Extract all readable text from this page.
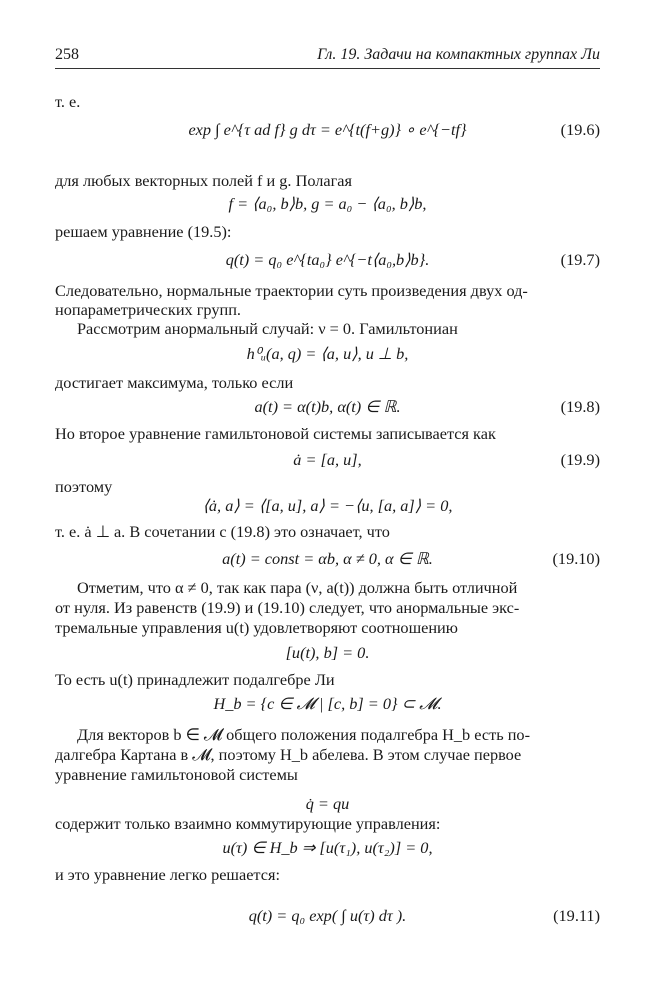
258	Гл. 19. Задачи на компактных группах Ли
т. е.
exp ∫ e^{τ ad f} g dτ = e^{t(f+g)} ∘ e^{−tf}	(19.6)
для любых векторных полей f и g. Полагая
f = ⟨a₀, b⟩b, g = a₀ − ⟨a₀, b⟩b,
решаем уравнение (19.5):
q(t) = q₀ e^{ta₀} e^{−t⟨a₀,b⟩b}.	(19.7)
Следовательно, нормальные траектории суть произведения двух од-
нопараметрических групп.
Рассмотрим анормальный случай: ν = 0. Гамильтониан
h⁰ᵤ(a, q) = ⟨a, u⟩, u ⊥ b,
достигает максимума, только если
a(t) = α(t)b, α(t) ∈ ℝ.	(19.8)
Но второе уравнение гамильтоновой системы записывается как
ȧ = [a, u],	(19.9)
поэтому
⟨ȧ, a⟩ = ⟨[a, u], a⟩ = −⟨u, [a, a]⟩ = 0,
т. е. ȧ ⊥ a. В сочетании с (19.8) это означает, что
a(t) = const = αb, α ≠ 0, α ∈ ℝ.	(19.10)
Отметим, что α ≠ 0, так как пара (ν, a(t)) должна быть отличной
от нуля. Из равенств (19.9) и (19.10) следует, что анормальные экс-
тремальные управления u(t) удовлетворяют соотношению
[u(t), b] = 0.
То есть u(t) принадлежит подалгебре Ли
H_b = {c ∈ 𝓜 | [c, b] = 0} ⊂ 𝓜.
Для векторов b ∈ 𝓜 общего положения подалгебра H_b есть по-
далгебра Картана в 𝓜, поэтому H_b абелева. В этом случае первое
уравнение гамильтоновой системы
q̇ = qu
содержит только взаимно коммутирующие управления:
u(τ) ∈ H_b ⇒ [u(τ₁), u(τ₂)] = 0,
и это уравнение легко решается:
q(t) = q₀ exp( ∫ u(τ) dτ ).	(19.11)
